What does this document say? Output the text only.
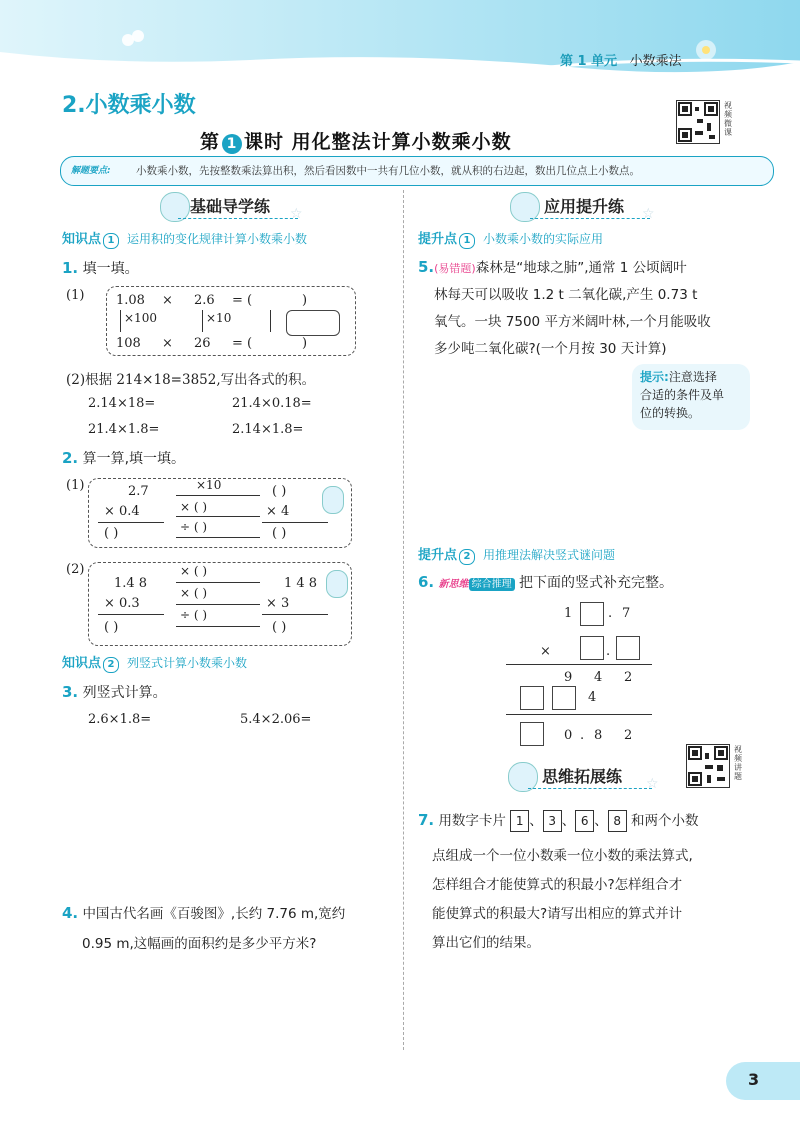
第 1 单元 小数乘法
2.小数乘小数
第 1 课时 用化整法计算小数乘小数
视
频
微
课
解题要点: 小数乘小数，先按整数乘法算出积，然后看因数中一共有几位小数，就从积的右边起，数出几位点上小数点。
基础导学练 ☆
知识点 1 运用积的变化规律计算小数乘小数
1. 填一填。
(1) 1.08 × 2.6 = (	)
×100	×10
108 × 26 = (	)
(2)根据 214×18=3852,写出各式的积。
2.14×18=	21.4×0.18=
21.4×1.8=	2.14×1.8=
2. 算一算,填一填。
(1)	2.7
× 0.4
( )
×10
× ( )
÷ ( )
( )
× 4
( )
(2)
1.4 8
× 0.3
( )
× ( )
× ( )
÷ ( )
1 4 8
× 3
( )
知识点 2 列竖式计算小数乘小数
3. 列竖式计算。
2.6×1.8=	5.4×2.06=
4. 中国古代名画《百骏图》,长约 7.76 m,宽约
0.95 m,这幅画的面积约是多少平方米?
应用提升练 ☆
提升点 1 小数乘小数的实际应用
5.(易错题)森林是“地球之肺”,通常 1 公顷阔叶
林每天可以吸收 1.2 t 二氧化碳,产生 0.73 t
氧气。一块 7500 平方米阔叶林,一个月能吸收
多少吨二氧化碳?(一个月按 30 天计算)
提示:注意选择
合适的条件及单
位的转换。
提升点 2 用推理法解决竖式谜问题
6. 新思维 综合推理 把下面的竖式补充完整。
1	. 7
×	.
9 4 2
4
0 . 8 2
视
频
讲
题
思维拓展练 ☆
7. 用数字卡片 1 、 3 、 6 、 8 和两个小数
点组成一个一位小数乘一位小数的乘法算式,
怎样组合才能使算式的积最小?怎样组合才
能使算式的积最大?请写出相应的算式并计
算出它们的结果。
3
